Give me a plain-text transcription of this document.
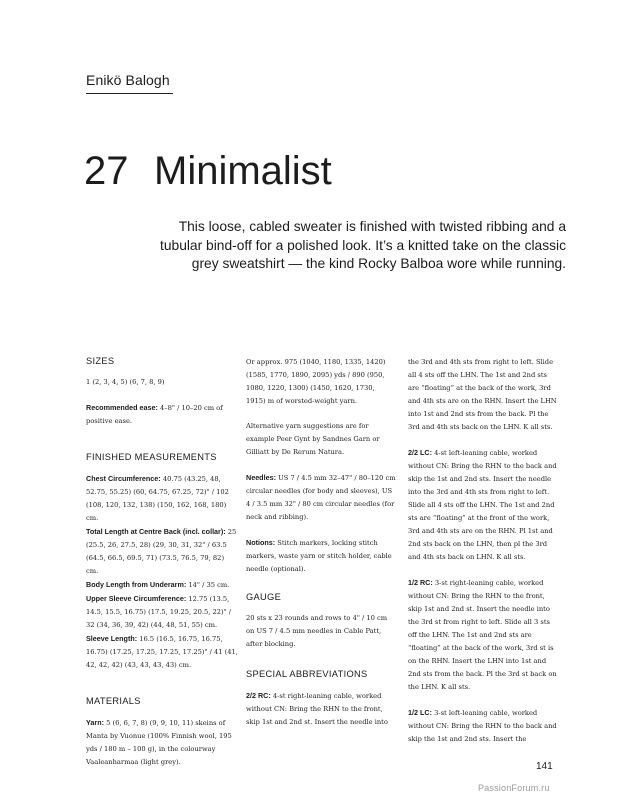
Enikö Balogh
27 Minimalist
This loose, cabled sweater is finished with twisted ribbing and a tubular bind-off for a polished look. It’s a knitted take on the classic grey sweatshirt — the kind Rocky Balboa wore while running.
SIZES
1 (2, 3, 4, 5) (6, 7, 8, 9)
Recommended ease: 4–8" / 10–20 cm of positive ease.
FINISHED MEASUREMENTS
Chest Circumference: 40.75 (43.25, 48, 52.75, 55.25) (60, 64.75, 67.25, 72)" / 102 (108, 120, 132, 138) (150, 162, 168, 180) cm.
Total Length at Centre Back (incl. collar): 25 (25.5, 26, 27.5, 28) (29, 30, 31, 32" / 63.5 (64.5, 66.5, 69.5, 71) (73.5, 76.5, 79, 82) cm.
Body Length from Underarm: 14" / 35 cm.
Upper Sleeve Circumference: 12.75 (13.5, 14.5, 15.5, 16.75) (17.5, 19.25, 20.5, 22)" / 32 (34, 36, 39, 42) (44, 48, 51, 55) cm.
Sleeve Length: 16.5 (16.5, 16.75, 16.75, 16.75) (17.25, 17.25, 17.25, 17.25)" / 41 (41, 42, 42, 42) (43, 43, 43, 43) cm.
MATERIALS
Yarn: 5 (6, 6, 7, 8) (9, 9, 10, 11) skeins of Manta by Vuonue (100% Finnish wool, 195 yds / 180 m – 100 g), in the colourway Vaaleanharmaa (light grey).
Or approx. 975 (1040, 1180, 1335, 1420) (1585, 1770, 1890, 2095) yds / 890 (950, 1080, 1220, 1300) (1450, 1620, 1730, 1915) m of worsted-weight yarn.
Alternative yarn suggestions are for example Peer Gynt by Sandnes Garn or Gilliatt by De Rerum Natura.
Needles: US 7 / 4.5 mm 32–47" / 80–120 cm circular needles (for body and sleeves), US 4 / 3.5 mm 32" / 80 cm circular needles (for neck and ribbing).
Notions: Stitch markers, locking stitch markers, waste yarn or stitch holder, cable needle (optional).
GAUGE
20 sts x 23 rounds and rows to 4" / 10 cm on US 7 / 4.5 mm needles in Cable Patt, after blocking.
SPECIAL ABBREVIATIONS
2/2 RC: 4-st right-leaning cable, worked without CN: Bring the RHN to the front, skip 1st and 2nd st. Insert the needle into
the 3rd and 4th sts from right to left. Slide all 4 sts off the LHN. The 1st and 2nd sts are “floating” at the back of the work, 3rd and 4th sts are on the RHN. Insert the LHN into 1st and 2nd sts from the back. Pl the 3rd and 4th sts back on the LHN. K all sts.
2/2 LC: 4-st left-leaning cable, worked without CN: Bring the RHN to the back and skip the 1st and 2nd sts. Insert the needle into the 3rd and 4th sts from right to left. Slide all 4 sts off the LHN. The 1st and 2nd sts are “floating” at the front of the work, 3rd and 4th sts are on the RHN. Pl 1st and 2nd sts back on the LHN, then pl the 3rd and 4th sts back on LHN. K all sts.
1/2 RC: 3-st right-leaning cable, worked without CN: Bring the RHN to the front, skip 1st and 2nd st. Insert the needle into the 3rd st from right to left. Slide all 3 sts off the LHN. The 1st and 2nd sts are “floating” at the back of the work, 3rd st is on the RHN. Insert the LHN into 1st and 2nd sts from the back. Pl the 3rd st back on the LHN. K all sts.
1/2 LC: 3-st left-leaning cable, worked without CN: Bring the RHN to the back and skip the 1st and 2nd sts. Insert the
141
PassionForum.ru
